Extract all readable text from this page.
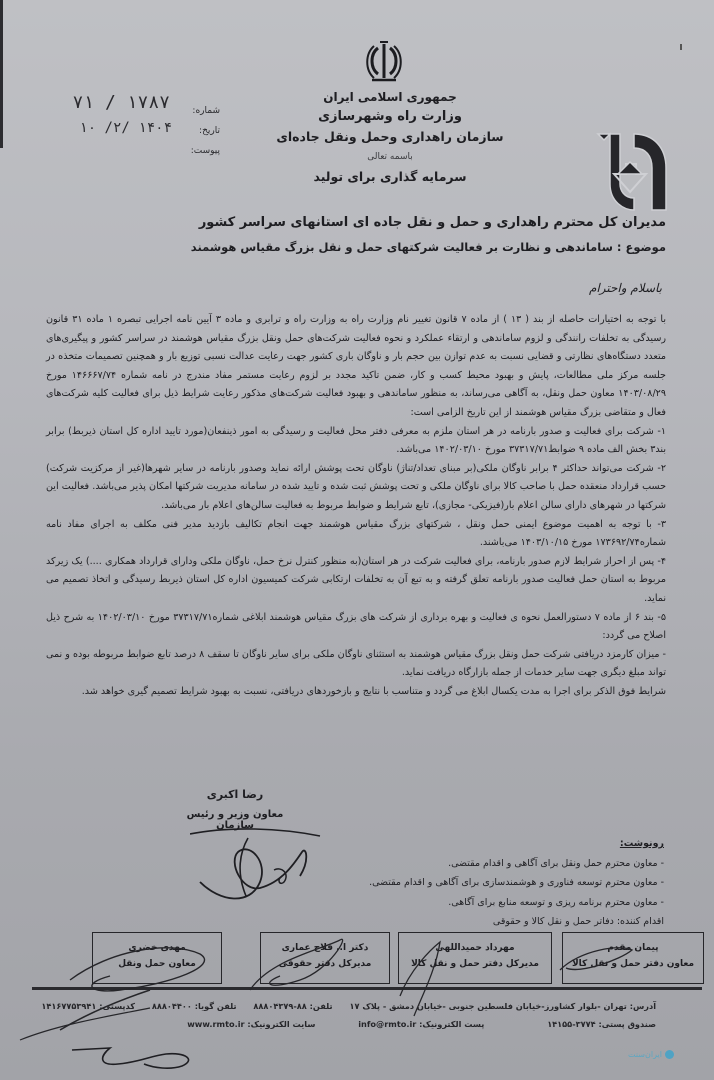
جمهوری اسلامی ایران
وزارت راه وشهرسازی
سازمان راهداری وحمل ونقل جاده‌ای
باسمه تعالی
سرمایه گذاری برای تولید
شماره:
۱۷۸۷ / ۷۱
تاریخ:
۱۴۰۴ /۲/ ۱۰
پیوست:
مدیران کل محترم راهداری و حمل و نقل جاده ای استانهای سراسر کشور
موضوع : ساماندهی و نظارت بر فعالیت شرکتهای حمل و نقل بزرگ مقیاس هوشمند
باسلام واحترام

با توجه به اختیارات حاصله از بند ( ۱۳ ) از ماده ۷ قانون تغییر نام وزارت راه به وزارت راه و ترابری و ماده ۳ آیین نامه اجرایی تبصره ۱ ماده ۳۱ قانون رسیدگی به تخلفات رانندگی و لزوم ساماندهی و ارتقاء عملکرد و نحوه فعالیت شرکت‌های حمل ونقل بزرگ مقیاس هوشمند در سراسر کشور و پیگیری‌های متعدد دستگاه‌های نظارتی و قضایی نسبت به عدم توازن بین حجم بار و ناوگان باری کشور جهت رعایت عدالت نسبی توزیع بار و همچنین تصمیمات متخذه در جلسه مرکز ملی مطالعات، پایش و بهبود محیط کسب و کار، ضمن تاکید مجدد بر لزوم رعایت مستمر مفاد مندرج در نامه شماره ۱۴۶۶۶۷/۷۴ مورخ ۱۴۰۳/۰۸/۲۹ معاون حمل ونقل، به آگاهی می‌رساند، به منظور ساماندهی و بهبود فعالیت شرکت‌های مذکور رعایت شرایط ذیل برای فعالیت کلیه شرکت‌های فعال و متقاضی بزرگ مقیاس هوشمند از این تاریخ الزامی است:

۱- شرکت برای فعالیت و صدور بارنامه در هر استان ملزم به معرفی دفتر محل فعالیت و رسیدگی به امور ذینفعان(مورد تایید اداره کل استان ذیربط) برابر بند۳ بخش الف ماده ۹ ضوابط۳۷۳۱۷/۷۱ مورخ ۱۴۰۲/۰۳/۱۰ می‌باشد.

۲- شرکت می‌تواند حداکثر ۴ برابر ناوگان ملکی(بر مبنای تعداد/تناژ) ناوگان تحت پوشش ارائه نماید وصدور بارنامه در سایر شهرها(غیر از مرکزیت شرکت) حسب قرارداد منعقده حمل با صاحب کالا برای ناوگان ملکی و تحت پوشش ثبت شده و تایید شده در سامانه مدیریت شرکتها امکان پذیر می‌باشد. فعالیت این شرکتها در شهرهای دارای سالن اعلام بار(فیزیکی- مجازی)، تابع شرایط و ضوابط مربوط به فعالیت سالن‌های اعلام بار می‌باشد.

۳- با توجه به اهمیت موضوع ایمنی حمل ونقل ، شرکتهای بزرگ مقیاس هوشمند جهت انجام تکالیف بازدید مدیر فنی مکلف به اجرای مفاد نامه شماره۱۷۳۶۹۲/۷۴ مورخ ۱۴۰۳/۱۰/۱۵ می‌باشند.

۴- پس از احراز شرایط لازم صدور بارنامه، برای فعالیت شرکت در هر استان(به منظور کنترل نرخ حمل، ناوگان ملکی ودارای قرارداد همکاری ....) یک زیرکد مربوط به استان حمل فعالیت صدور بارنامه تعلق گرفته و به تبع آن به تخلفات ارتکابی شرکت کمیسیون اداره کل استان ذیربط رسیدگی و اتخاذ تصمیم می نماید.

۵- بند ۶ از ماده ۷ دستورالعمل نحوه ی فعالیت و بهره برداری از شرکت های بزرگ مقیاس هوشمند ابلاغی شماره۳۷۳۱۷/۷۱ مورخ ۱۴۰۲/۰۳/۱۰ به شرح ذیل اصلاح می گردد:

- میزان کارمزد دریافتی شرکت حمل ونقل بزرگ مقیاس هوشمند به استثنای ناوگان ملکی برای سایر ناوگان تا سقف ۸ درصد تابع ضوابط مربوطه بوده و نمی تواند مبلغ دیگری جهت سایر خدمات از جمله بازارگاه دریافت نماید.

شرایط فوق الذکر برای اجرا به مدت یکسال ابلاغ می گردد و متناسب با نتایج و بازخوردهای دریافتی، نسبت به بهبود شرایط تصمیم گیری خواهد شد.

رضا اکبری
معاون وزیر و رئیس سازمان
رونوشت:
- معاون محترم حمل ونقل برای آگاهی و اقدام مقتضی.
- معاون محترم توسعه فناوری و هوشمندسازی برای آگاهی و اقدام مقتضی.
- معاون محترم برنامه ریزی و توسعه منابع برای آگاهی.
اقدام کننده: دفاتر حمل و نقل کالا و حقوقی
پیمان مقدم
معاون دفتر حمل و نقل کالا
مهرداد حمیداللهی
مدیرکل دفتر حمل و نقل کالا
دکتر ا.. فلاح عماری
مدیرکل دفتر حقوقی
مهدی خضری
معاون حمل ونقل
آدرس: تهران -بلوار کشاورز-خیابان فلسطین جنوبی -خیابان دمشق - پلاک ۱۷ تلفن: ۸۸-۸۸۸۰۴۳۷۹ تلفن گویا: ۸۸۸۰۴۴۰۰ کدپستی: ۱۴۱۶۷۷۵۳۹۴۱
صندوق پستی: ۳۷۷۴-۱۴۱۵۵ پست الکترونیک: info@rmto.ir سایت الکترونیک: www.rmto.ir
ایران‌سنت
